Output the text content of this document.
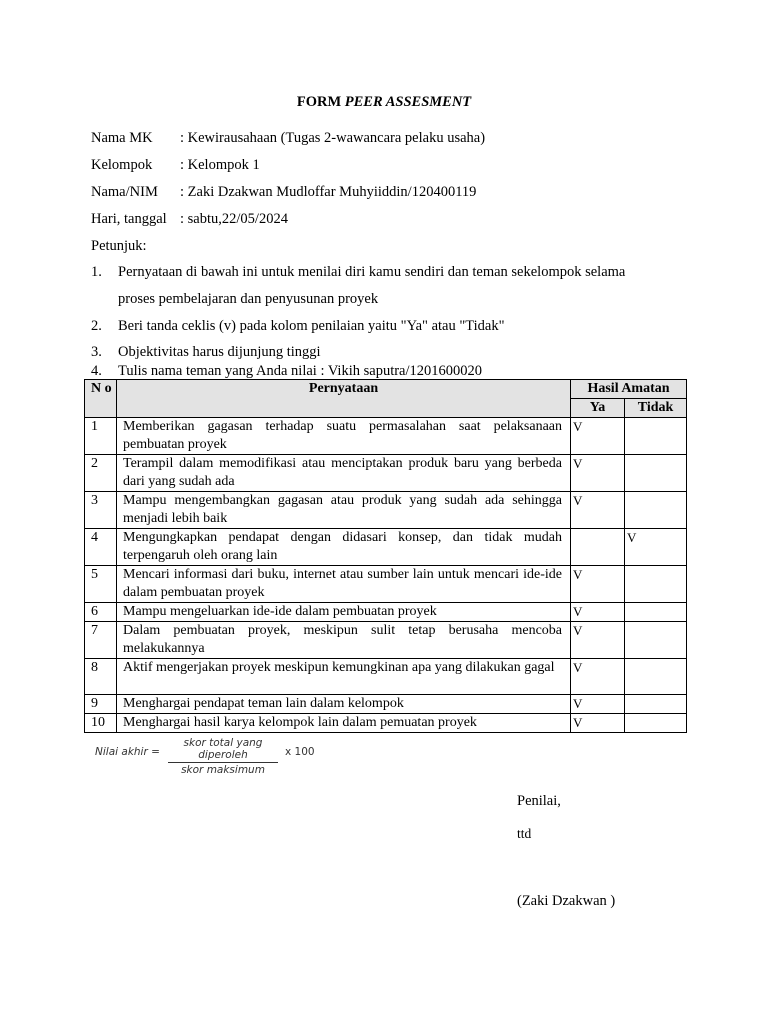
FORM PEER ASSESMENT
Nama MK : Kewirausahaan (Tugas 2-wawancara pelaku usaha)
Kelompok : Kelompok 1
Nama/NIM : Zaki Dzakwan Mudloffar Muhyiiddin/120400119
Hari, tanggal : sabtu,22/05/2024
Petunjuk:
1. Pernyataan di bawah ini untuk menilai diri kamu sendiri dan teman sekelompok selama
proses pembelajaran dan penyusunan proyek
2. Beri tanda ceklis (v) pada kolom penilaian yaitu "Ya" atau "Tidak"
3. Objektivitas harus dijunjung tinggi
4. Tulis nama teman yang Anda nilai : Vikih saputra/1201600020
N o	Pernyataan	Hasil Amatan	
		Ya	Tidak
1	Memberikan gagasan terhadap suatu permasalahan saat pelaksanaan pembuatan proyek	V	
2	Terampil dalam memodifikasi atau menciptakan produk baru yang berbeda dari yang sudah ada	V	
3	Mampu mengembangkan gagasan atau produk yang sudah ada sehingga menjadi lebih baik	V	
4	Mengungkapkan pendapat dengan didasari konsep, dan tidak mudah terpengaruh oleh orang lain		V
5	Mencari informasi dari buku, internet atau sumber lain untuk mencari ide-ide dalam pembuatan proyek	V	
6	Mampu mengeluarkan ide-ide dalam pembuatan proyek	V	
7	Dalam pembuatan proyek, meskipun sulit tetap berusaha mencoba melakukannya	V	
8	Aktif mengerjakan proyek meskipun kemungkinan apa yang dilakukan gagal	V	
9	Menghargai pendapat teman lain dalam kelompok	V	
10	Menghargai hasil karya kelompok lain dalam pemuatan proyek	V	
Nilai akhir =
skor total yang diperoleh
skor maksimum
x 100
Penilai,
ttd
(Zaki Dzakwan )
